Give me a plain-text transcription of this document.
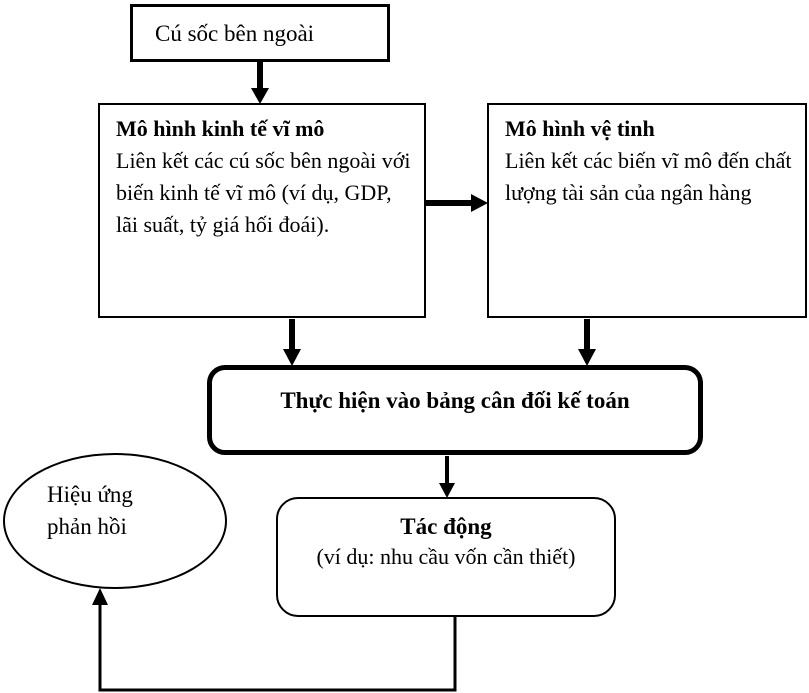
Cú sốc bên ngoài
Mô hình kinh tế vĩ mô
Liên kết các cú sốc bên ngoài với biến kinh tế vĩ mô (ví dụ, GDP, lãi suất, tỷ giá hối đoái).
Mô hình vệ tinh
Liên kết các biến vĩ mô đến chất lượng tài sản của ngân hàng
Thực hiện vào bảng cân đối kế toán
Tác động
(ví dụ: nhu cầu vốn cần thiết)
Hiệu ứng phản hồi
